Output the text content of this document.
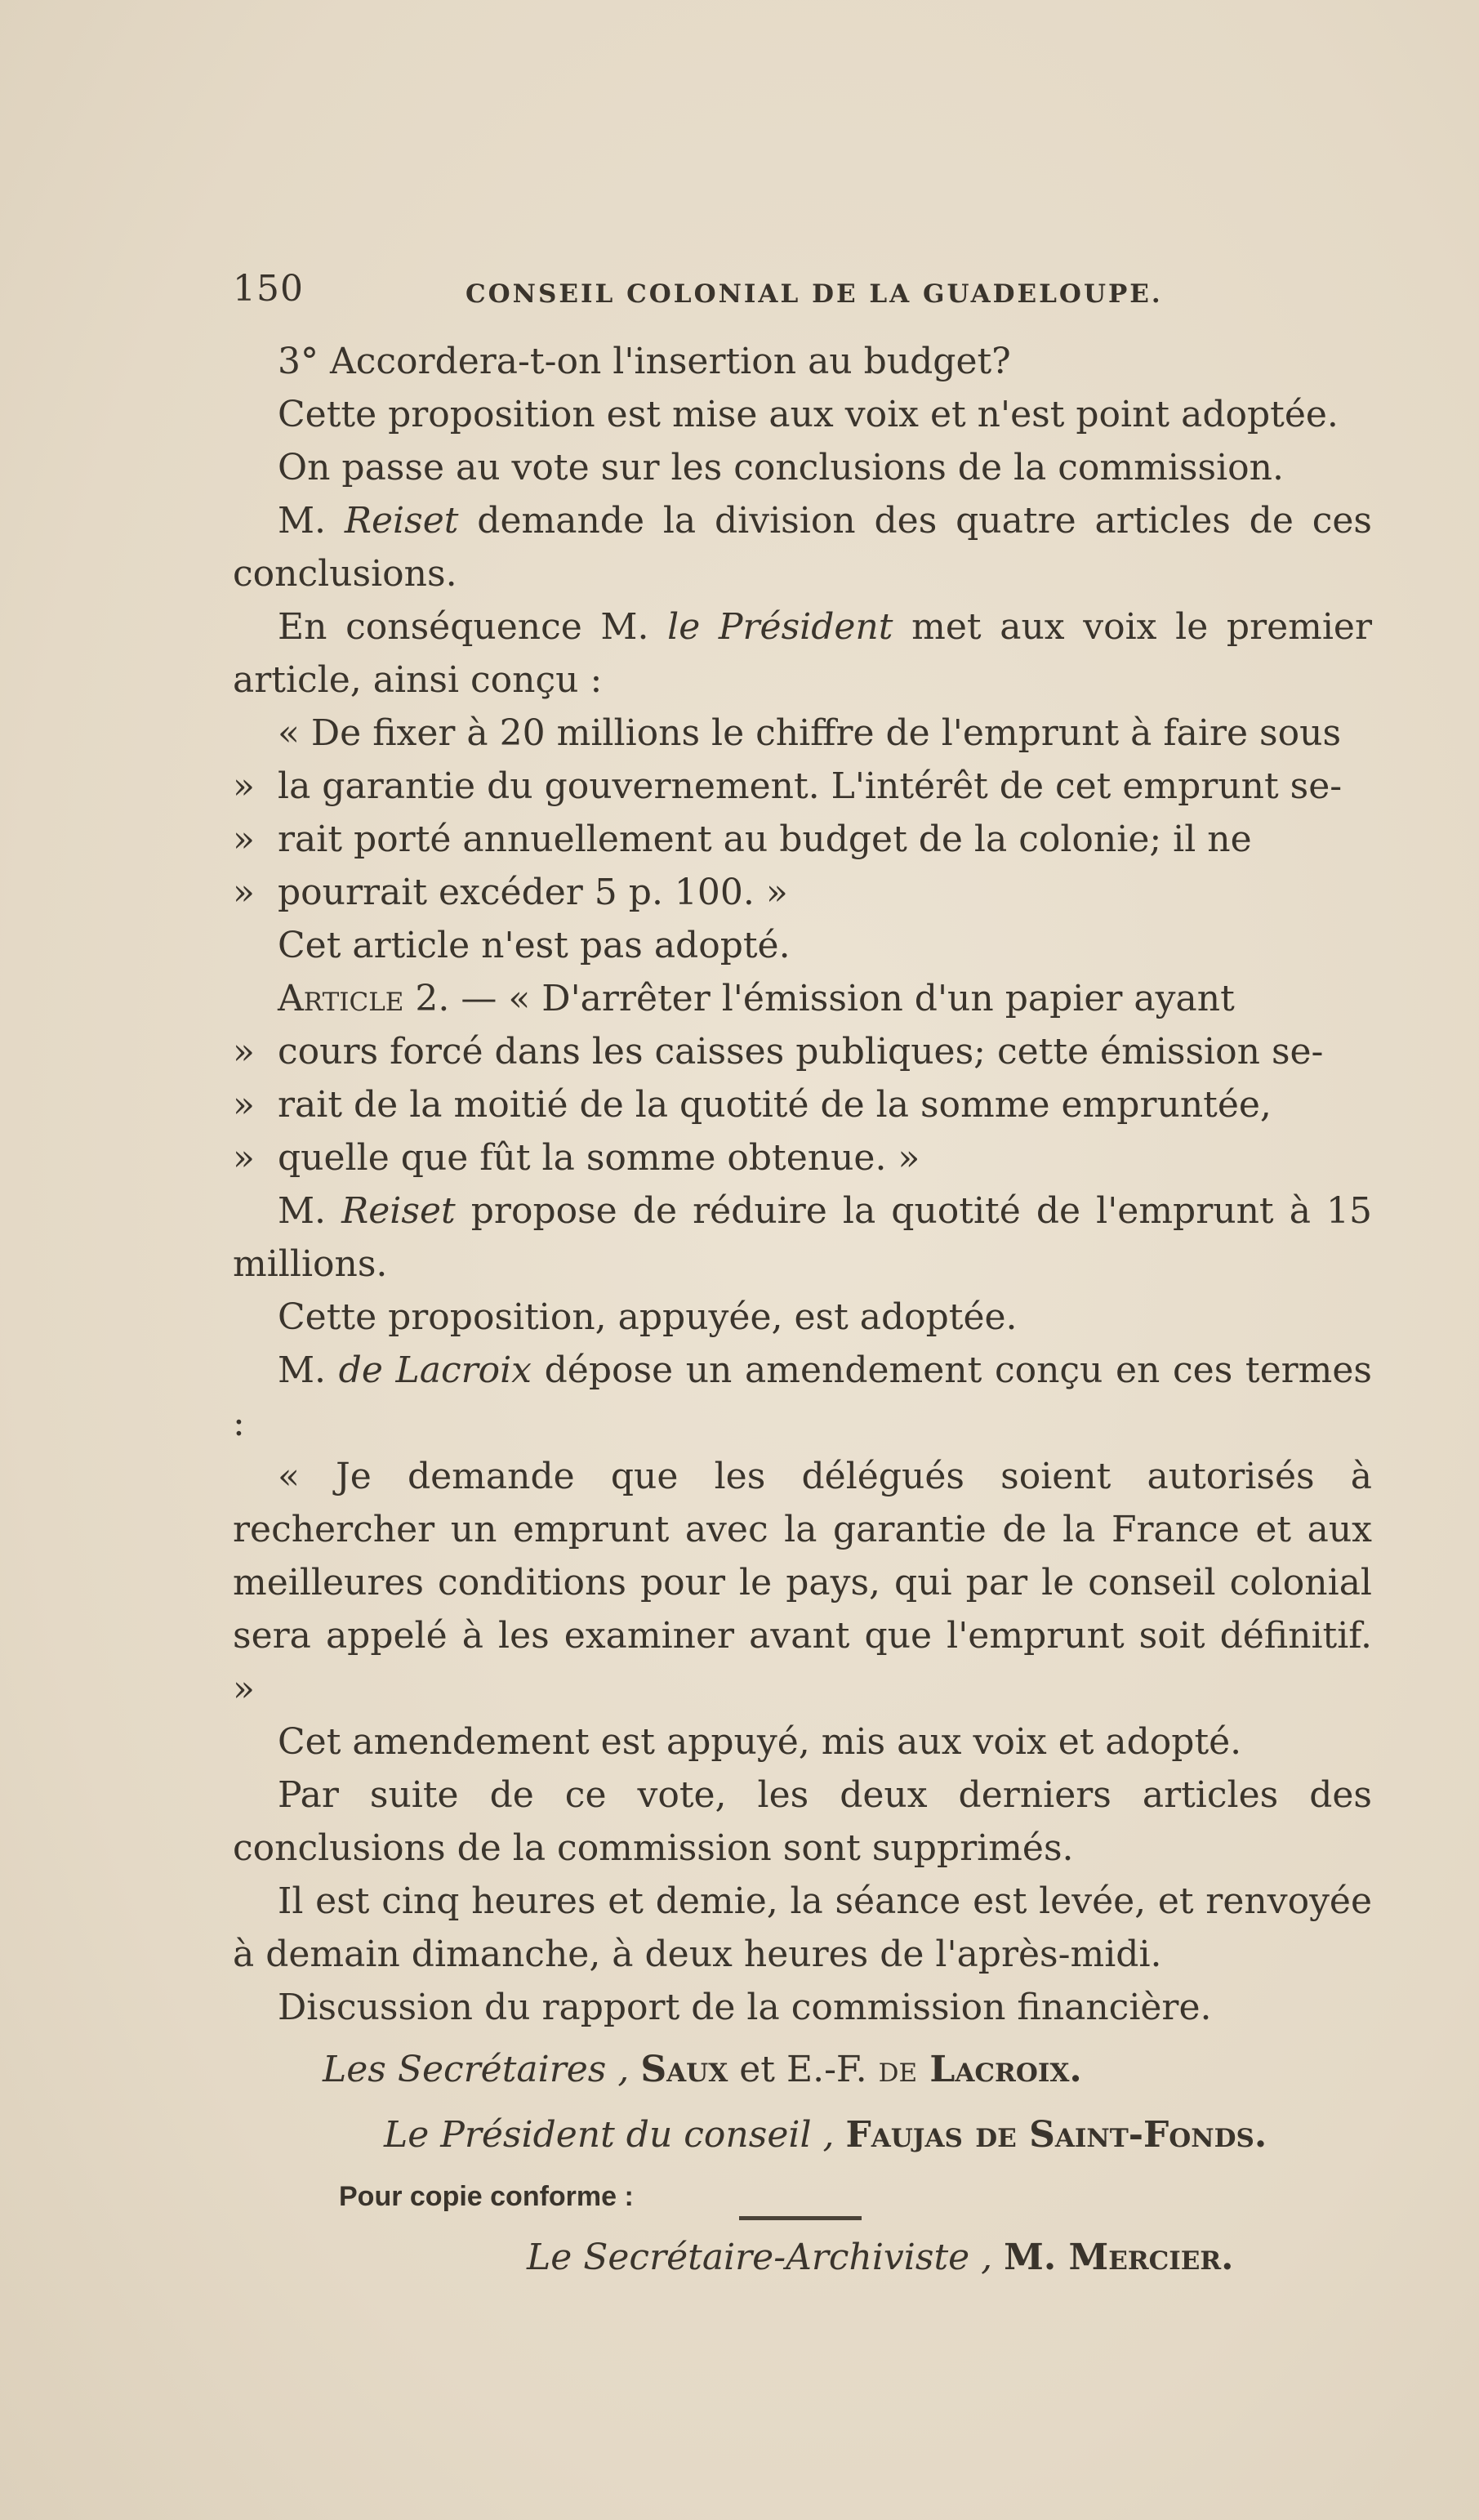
150	CONSEIL COLONIAL DE LA GUADELOUPE.

3° Accordera-t-on l'insertion au budget?

Cette proposition est mise aux voix et n'est point adoptée.

On passe au vote sur les conclusions de la commission.

M. Reiset demande la division des quatre articles de ces conclusions.

En conséquence M. le Président met aux voix le premier article, ainsi conçu :

« De fixer à 20 millions le chiffre de l'emprunt à faire sous

» la garantie du gouvernement. L'intérêt de cet emprunt se-

» rait porté annuellement au budget de la colonie; il ne

» pourrait excéder 5 p. 100. »

Cet article n'est pas adopté.

Article 2. — « D'arrêter l'émission d'un papier ayant

» cours forcé dans les caisses publiques; cette émission se-

» rait de la moitié de la quotité de la somme empruntée,

» quelle que fût la somme obtenue. »

M. Reiset propose de réduire la quotité de l'emprunt à 15 millions.

Cette proposition, appuyée, est adoptée.

M. de Lacroix dépose un amendement conçu en ces termes :

« Je demande que les délégués soient autorisés à rechercher un emprunt avec la garantie de la France et aux meilleures conditions pour le pays, qui par le conseil colonial sera appelé à les examiner avant que l'emprunt soit définitif. »

Cet amendement est appuyé, mis aux voix et adopté.

Par suite de ce vote, les deux derniers articles des conclusions de la commission sont supprimés.

Il est cinq heures et demie, la séance est levée, et renvoyée à demain dimanche, à deux heures de l'après-midi.

Discussion du rapport de la commission financière.

Les Secrétaires , Saux et E.-F. de Lacroix.

Le Président du conseil , Faujas de Saint-Fonds.

Pour copie conforme :

Le Secrétaire-Archiviste , M. Mercier.
